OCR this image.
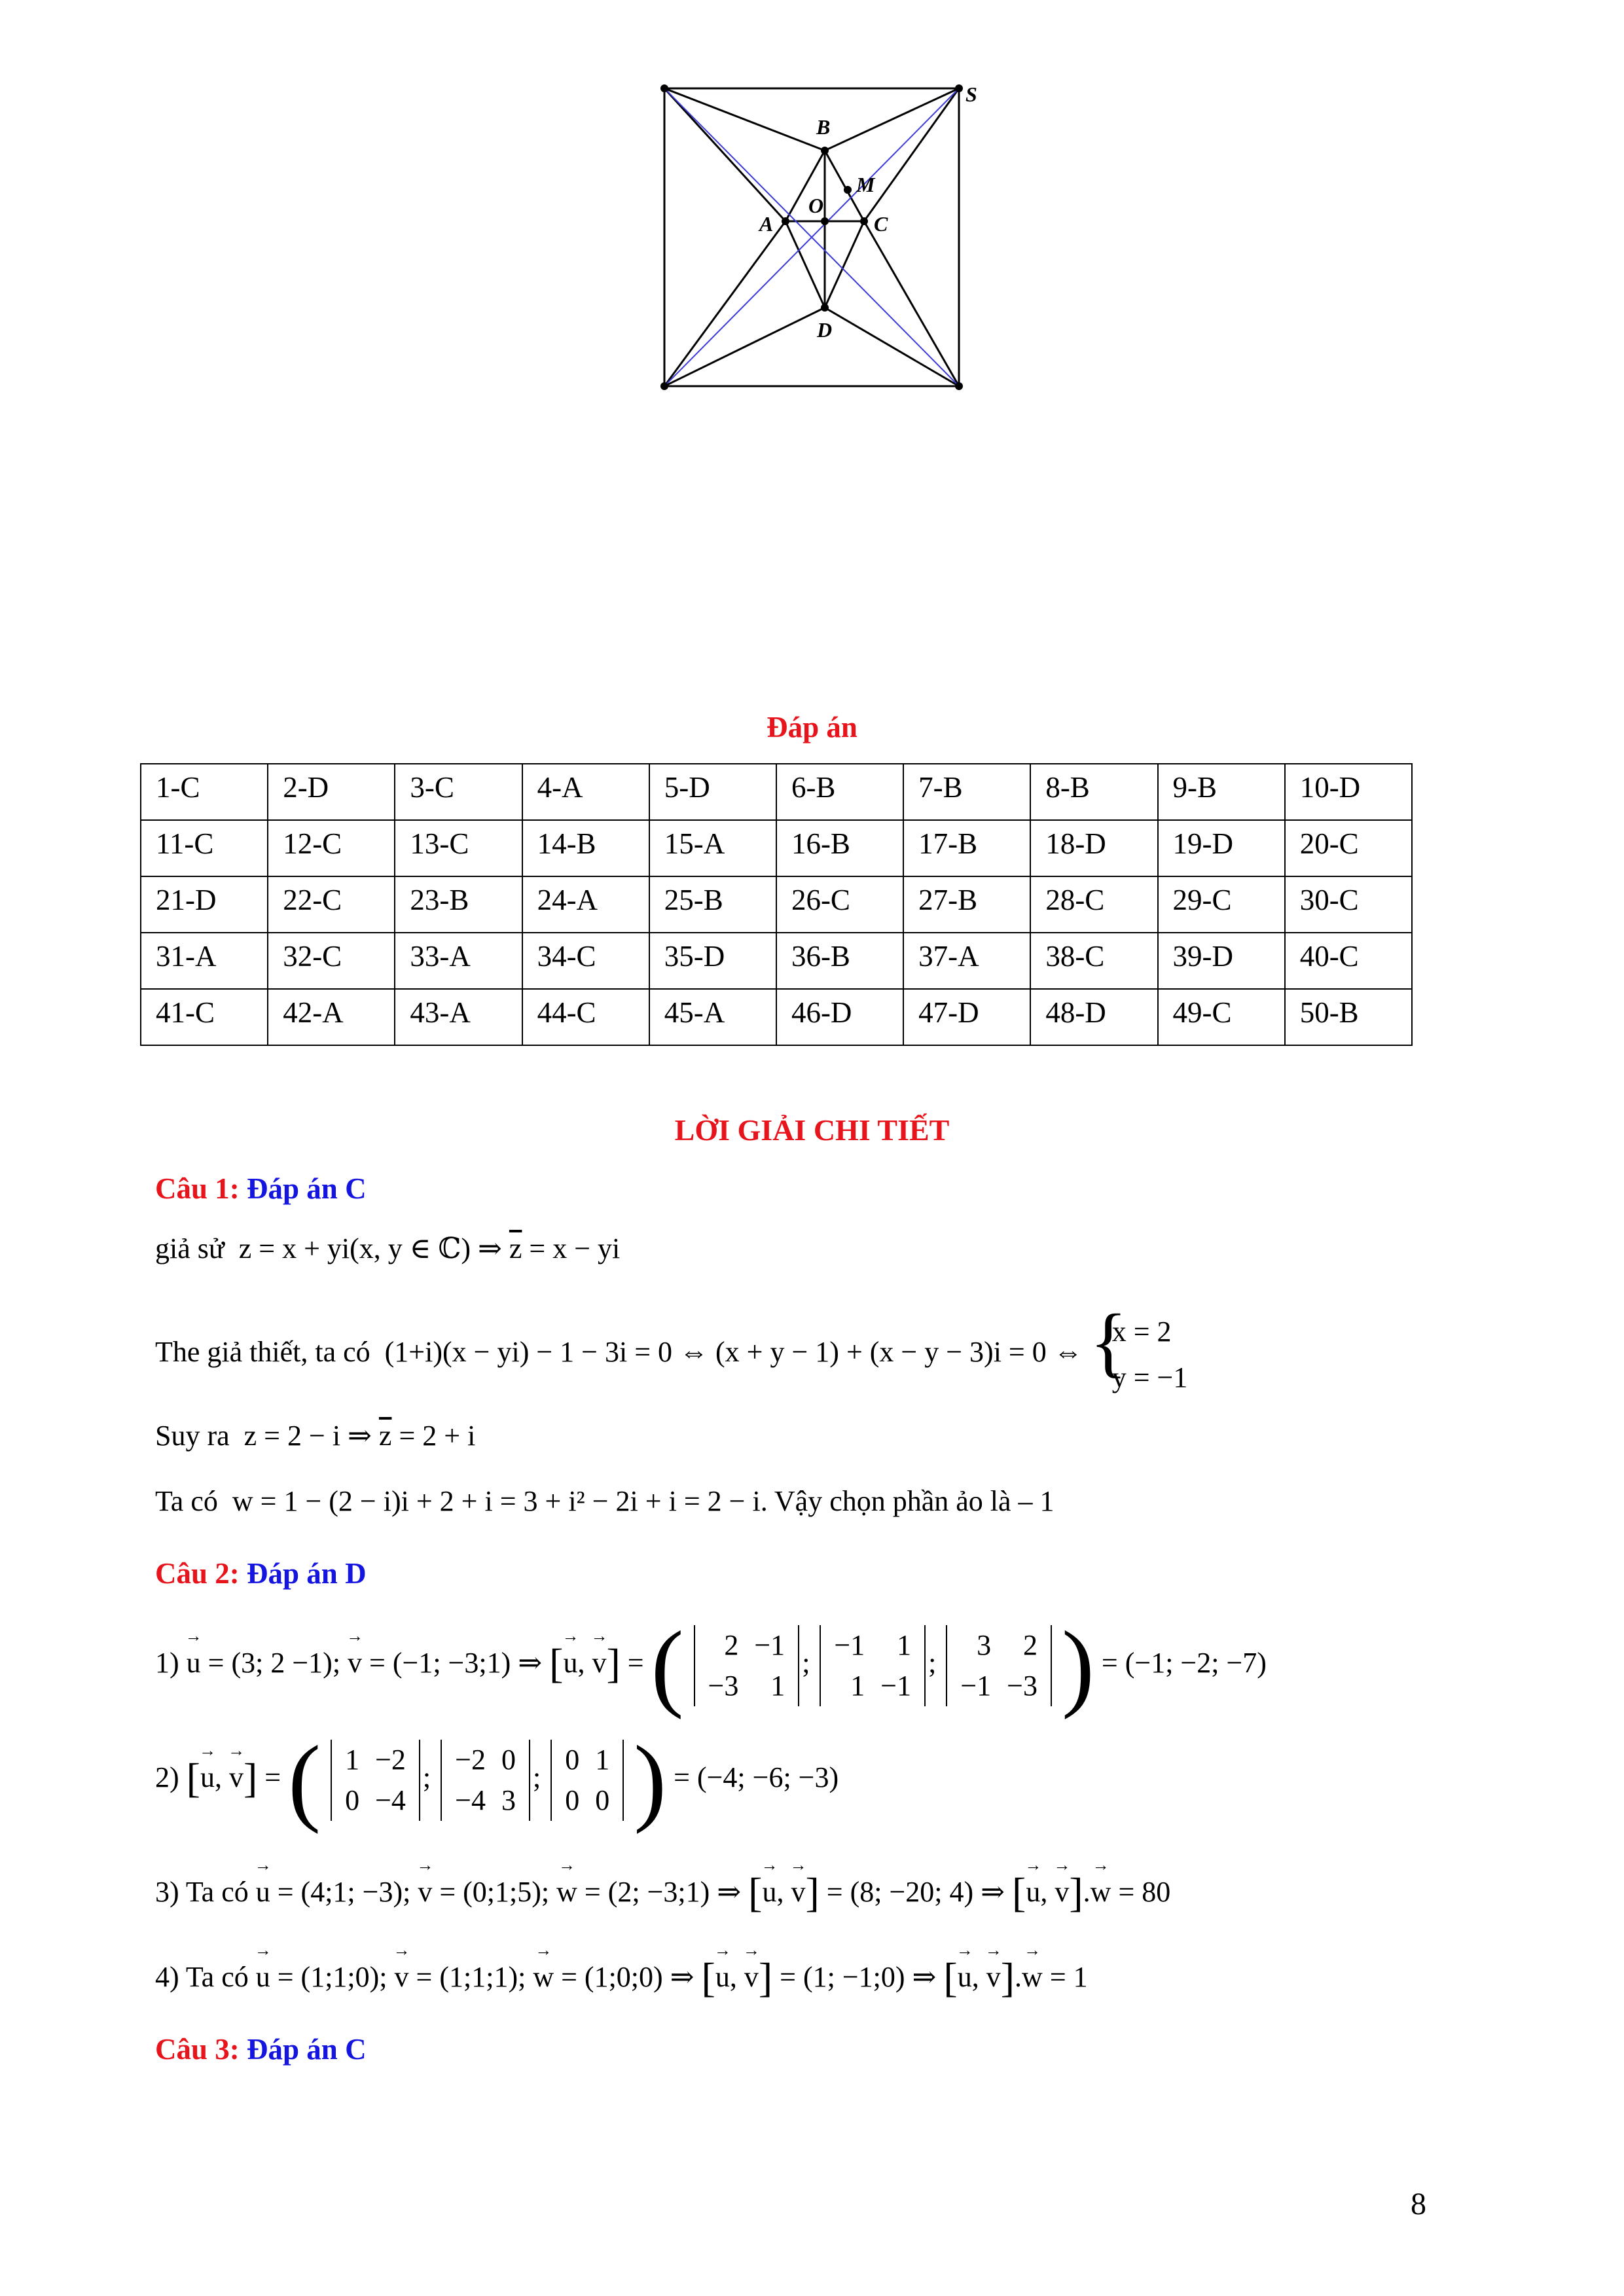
S
B
M
A
O
C
D
Đáp án
1-C	2-D	3-C	4-A	5-D	6-B	7-B	8-B	9-B	10-D
11-C	12-C	13-C	14-B	15-A	16-B	17-B	18-D	19-D	20-C
21-D	22-C	23-B	24-A	25-B	26-C	27-B	28-C	29-C	30-C
31-A	32-C	33-A	34-C	35-D	36-B	37-A	38-C	39-D	40-C
41-C	42-A	43-A	44-C	45-A	46-D	47-D	48-D	49-C	50-B
LỜI GIẢI CHI TIẾT
Câu 1: Đáp án C
giả sử z = x + yi(x, y ∈ ℂ) ⇒ $\overline{z} = x$ − yi
The giả thiết, ta có (1+i)(x − yi) − 1 − 3i = 0 ⇔ (x + y − 1) + (x − y − 3)i = 0 ⇔ {
x = 2
y = −1
Suy ra z = 2 − i ⇒ $\overline{z} = 2 + i$
Ta có w = 1 − (2 − i)i + 2 + i = 3 + i² − 2i + i = 2 − i. Vậy chọn phần ảo là – 1
Câu 2: Đáp án D
1) → u = (3; 2 −1); → v = (−1; −3;1) ⇒ [→ u, → v] = ( 2	−1
−3	1
;
−1	1
1	−1
;
3	2
−1	−3 ) = (−1; −2; −7)
2) [→ u, → v] = ( 1	−2
0	−4
;
−2	0
−4	3
;
0	1
0	0 ) = (−4; −6; −3)
3) Ta có → u = (4;1; −3); → v = (0;1;5); → w = (2; −3;1) ⇒ [→ u, → v] = (8; −20; 4) ⇒ [→ u, → v].→ w = 80
4) Ta có → u = (1;1;0); → v = (1;1;1); → w = (1;0;0) ⇒ [→ u, → v] = (1; −1;0) ⇒ [→ u, → v].→ w = 1
Câu 3: Đáp án C
8
